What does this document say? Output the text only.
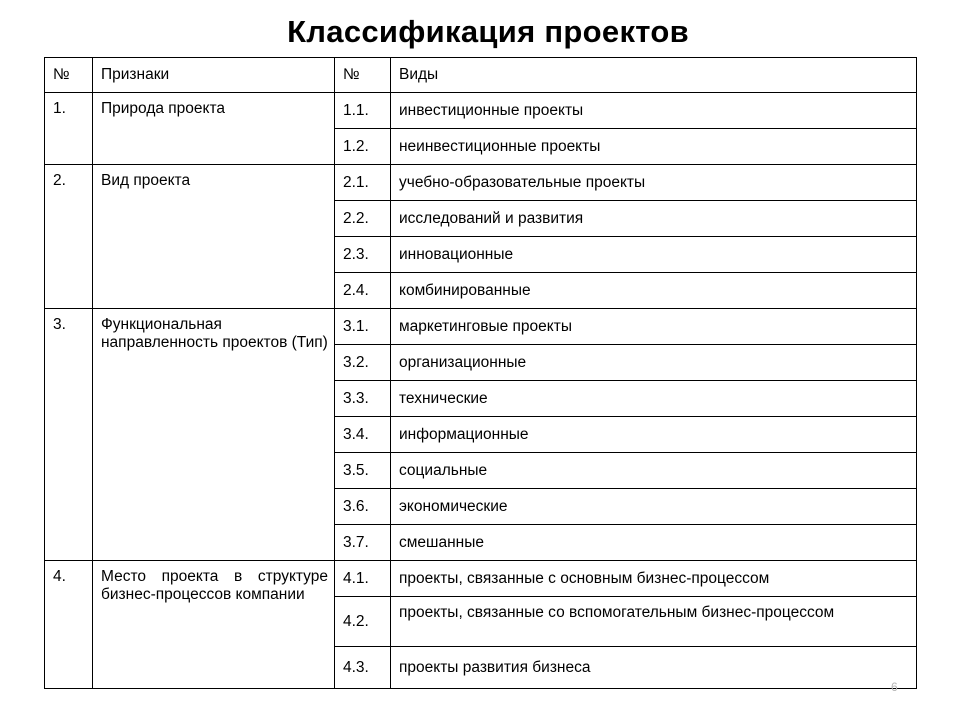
Классификация проектов
№	Признаки	№	Виды
1.	Природа проекта	1.1.	инвестиционные проекты
		1.2.	неинвестиционные проекты
2.	Вид проекта	2.1.	учебно-образовательные проекты
		2.2.	исследований и развития
		2.3.	инновационные
		2.4.	комбинированные
3.	Функциональная направленность проектов (Тип)	3.1.	маркетинговые проекты
		3.2.	организационные
		3.3.	технические
		3.4.	информационные
		3.5.	социальные
		3.6.	экономические
		3.7.	смешанные
4.	Место проекта в структуре бизнес-процессов компании	4.1.	проекты, связанные с основным бизнес-процессом
		4.2.	проекты, связанные со вспомогательным бизнес-процессом
		4.3.	проекты развития бизнеса
6
